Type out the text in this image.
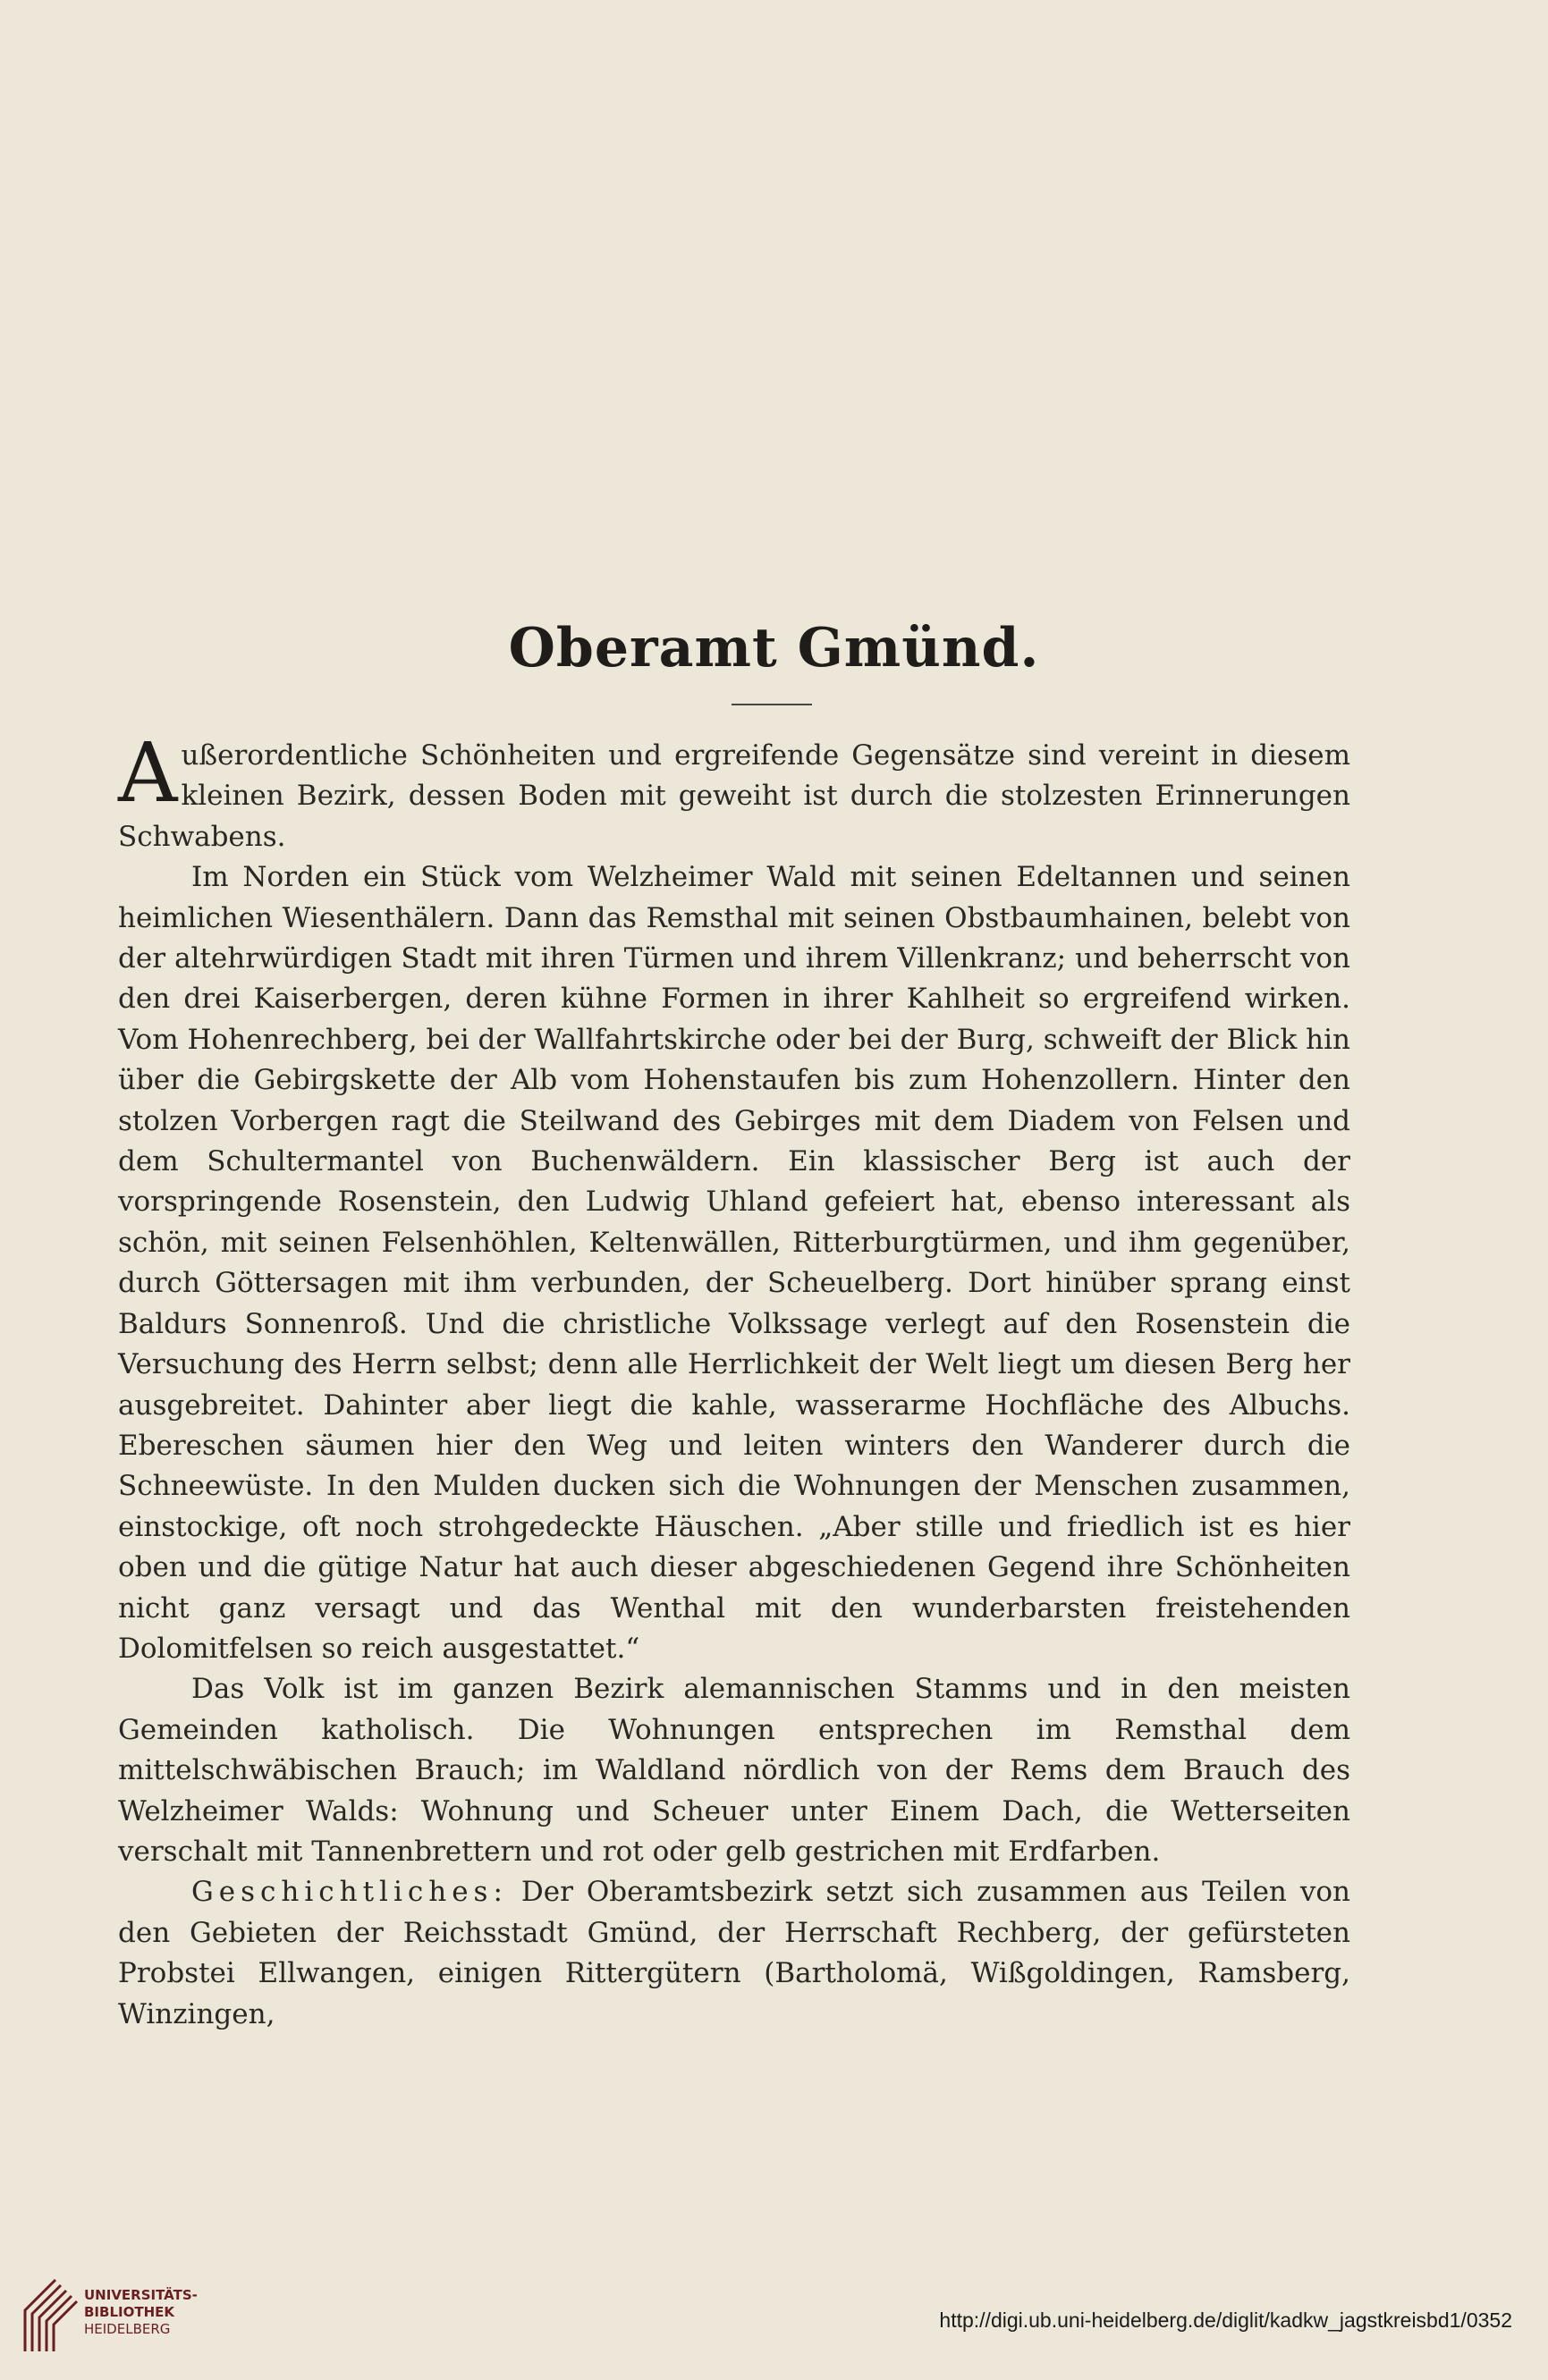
Oberamt Gmünd.

Außerordentliche Schönheiten und ergreifende Gegensätze sind vereint in diesem kleinen Bezirk, dessen Boden mit geweiht ist durch die stolzesten Erinnerungen Schwabens.

Im Norden ein Stück vom Welzheimer Wald mit seinen Edeltannen und seinen heimlichen Wiesenthälern. Dann das Remsthal mit seinen Obstbaumhainen, belebt von der altehrwürdigen Stadt mit ihren Türmen und ihrem Villenkranz; und beherrscht von den drei Kaiserbergen, deren kühne Formen in ihrer Kahlheit so ergreifend wirken. Vom Hohenrechberg, bei der Wallfahrtskirche oder bei der Burg, schweift der Blick hin über die Gebirgskette der Alb vom Hohenstaufen bis zum Hohenzollern. Hinter den stolzen Vorbergen ragt die Steilwand des Gebirges mit dem Diadem von Felsen und dem Schultermantel von Buchenwäldern. Ein klassischer Berg ist auch der vorspringende Rosenstein, den Ludwig Uhland gefeiert hat, ebenso interessant als schön, mit seinen Felsenhöhlen, Keltenwällen, Ritterburgtürmen, und ihm gegenüber, durch Göttersagen mit ihm verbunden, der Scheuelberg. Dort hinüber sprang einst Baldurs Sonnenroß. Und die christliche Volkssage verlegt auf den Rosenstein die Versuchung des Herrn selbst; denn alle Herrlichkeit der Welt liegt um diesen Berg her ausgebreitet. Dahinter aber liegt die kahle, wasserarme Hochfläche des Albuchs. Ebereschen säumen hier den Weg und leiten winters den Wanderer durch die Schneewüste. In den Mulden ducken sich die Wohnungen der Menschen zusammen, einstockige, oft noch strohgedeckte Häuschen. „Aber stille und friedlich ist es hier oben und die gütige Natur hat auch dieser abgeschiedenen Gegend ihre Schönheiten nicht ganz versagt und das Wenthal mit den wunderbarsten freistehenden Dolomitfelsen so reich ausgestattet.“

Das Volk ist im ganzen Bezirk alemannischen Stamms und in den meisten Gemeinden katholisch. Die Wohnungen entsprechen im Remsthal dem mittelschwäbischen Brauch; im Waldland nördlich von der Rems dem Brauch des Welzheimer Walds: Wohnung und Scheuer unter Einem Dach, die Wetterseiten verschalt mit Tannenbrettern und rot oder gelb gestrichen mit Erdfarben.

Geschichtliches: Der Oberamtsbezirk setzt sich zusammen aus Teilen von den Gebieten der Reichsstadt Gmünd, der Herrschaft Rechberg, der gefürsteten Probstei Ellwangen, einigen Rittergütern (Bartholomä, Wißgoldingen, Ramsberg, Winzingen,

UNIVERSITÄTS-
BIBLIOTHEK
HEIDELBERG	http://digi.ub.uni-heidelberg.de/diglit/kadkw_jagstkreisbd1/0352
